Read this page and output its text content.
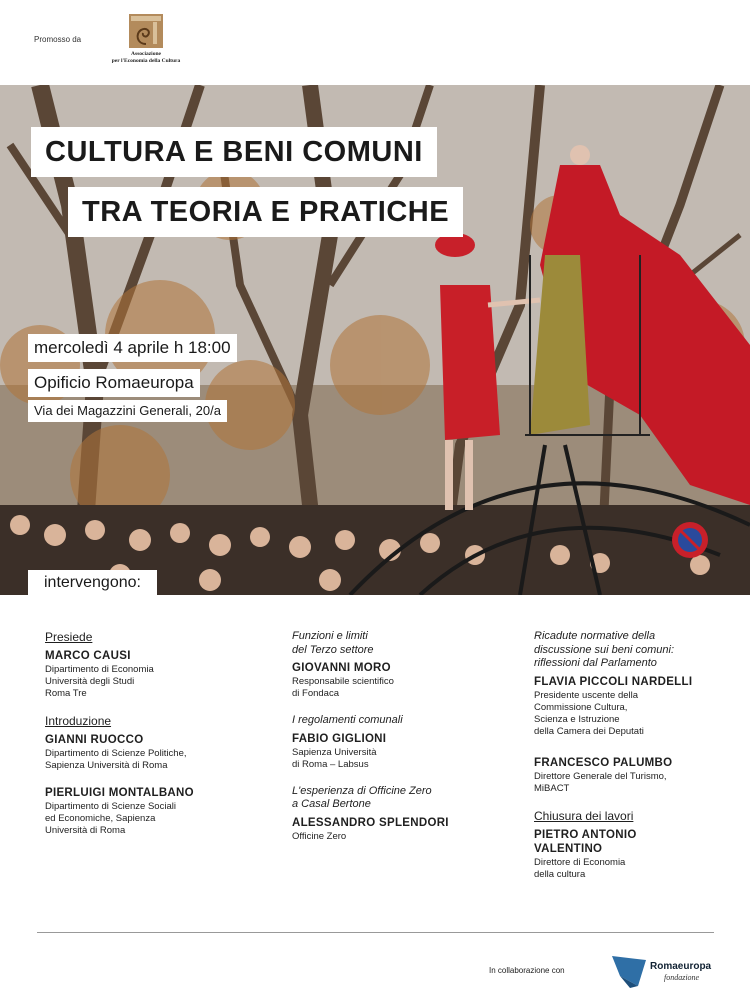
Promosso da
Associazione
per l'Economia della Cultura
CULTURA E BENI COMUNI
TRA TEORIA E PRATICHE
mercoledì 4 aprile h 18:00
Opificio Romaeuropa
Via dei Magazzini Generali, 20/a
intervengono:
Presiede
MARCO CAUSI
Dipartimento di Economia
Università degli Studi
Roma Tre
Introduzione
GIANNI RUOCCO
Dipartimento di Scienze Politiche,
Sapienza Università di Roma
PIERLUIGI MONTALBANO
Dipartimento di Scienze Sociali
ed Economiche, Sapienza
Università di Roma
Funzioni e limiti
del Terzo settore
GIOVANNI MORO
Responsabile scientifico
di Fondaca
I regolamenti comunali
FABIO GIGLIONI
Sapienza Università
di Roma – Labsus
L'esperienza di Officine Zero
a Casal Bertone
ALESSANDRO SPLENDORI
Officine Zero
Ricadute normative della
discussione sui beni comuni:
riflessioni dal Parlamento
FLAVIA PICCOLI NARDELLI
Presidente uscente della
Commissione Cultura,
Scienza e Istruzione
della Camera dei Deputati
FRANCESCO PALUMBO
Direttore Generale del Turismo,
MiBACT
Chiusura dei lavori
PIETRO ANTONIO
VALENTINO
Direttore di Economia
della cultura
In collaborazione con	Romaeuropa
fondazione
